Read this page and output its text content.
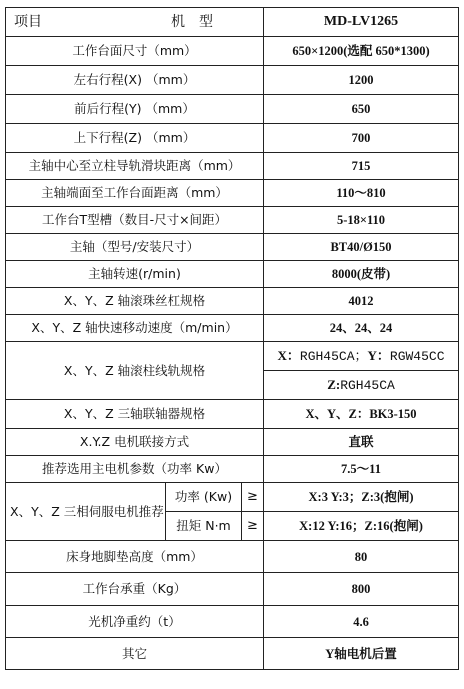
项目 机型			MD-LV1265
工作台面尺寸（mm）			650×1200(选配 650*1300)
左右行程(X) （mm）			1200
前后行程(Y) （mm）			650
上下行程(Z) （mm）			700
主轴中心至立柱导轨滑块距离（mm）			715
主轴端面至工作台面距离（mm）			110～810
工作台T型槽（数目-尺寸×间距）			5-18×110
主轴（型号/安装尺寸）			BT40/Ø150
主轴转速(r/min)			8000(皮带)
X、Y、Z 轴滚珠丝杠规格			4012
X、Y、Z 轴快速移动速度（m/min）			24、24、24
X、Y、Z 轴滚柱线轨规格			X：RGH45CA；Y：RGW45CC
			Z:RGH45CA
X、Y、Z 三轴联轴器规格			X、Y、Z：BK3-150
X.Y.Z 电机联接方式			直联
推荐选用主电机参数（功率 Kw）			7.5～11
X、Y、Z 三相伺服电机推荐	功率 (Kw)	≥	X:3 Y:3；Z:3(抱闸)
	扭矩 N·m	≥	X:12 Y:16；Z:16(抱闸)
床身地脚垫高度（mm）			80
工作台承重（Kg）			800
光机净重约（t）			4.6
其它			Y轴电机后置
